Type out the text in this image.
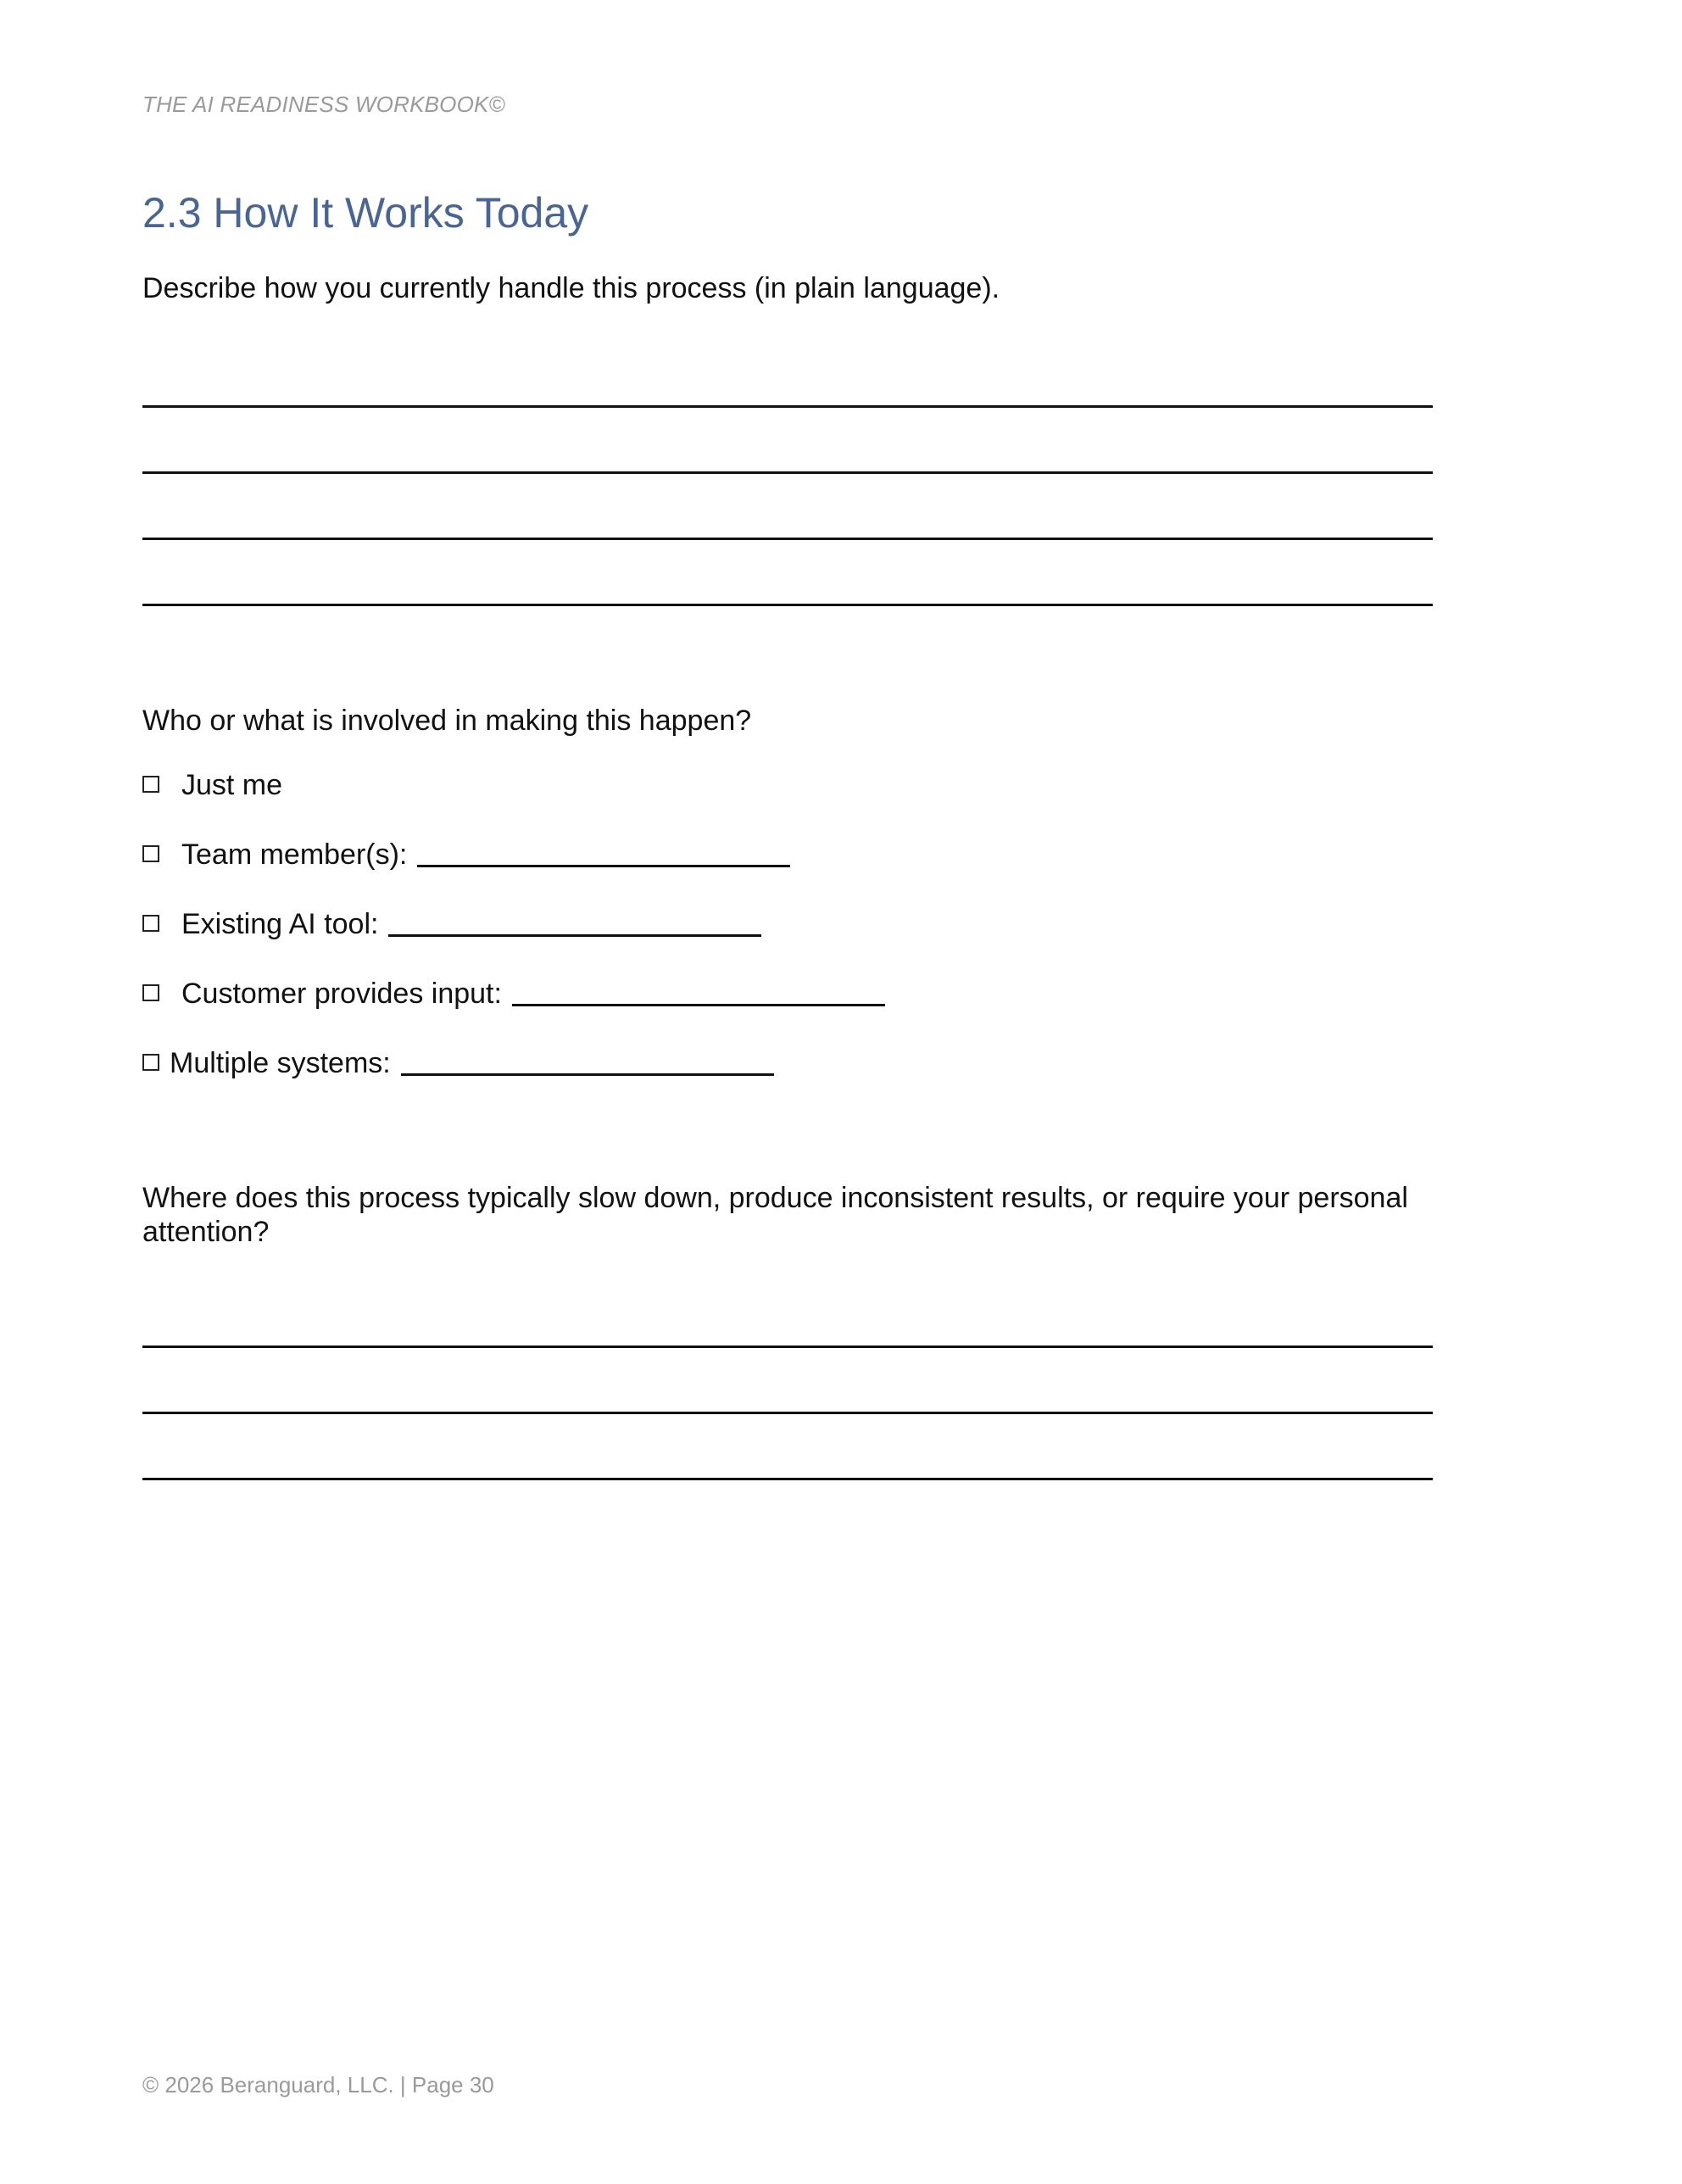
THE AI READINESS WORKBOOK©
2.3 How It Works Today

Describe how you currently handle this process (in plain language).

Who or what is involved in making this happen?

Just me
Team member(s):
Existing AI tool:
Customer provides input:
Multiple systems:

Where does this process typically slow down, produce inconsistent results, or require your personal attention?

© 2026 Beranguard, LLC. | Page 30
